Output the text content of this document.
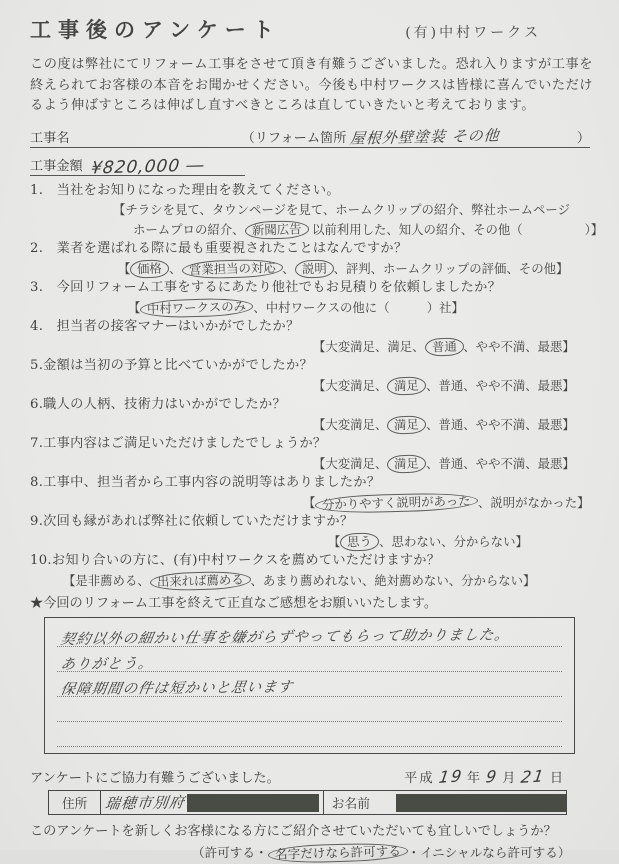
工事後のアンケート	(有)中村ワークス

この度は弊社にてリフォーム工事をさせて頂き有難うございました。恐れ入りますが工事を終えられてお客様の本音をお聞かせください。今後も中村ワークスは皆様に喜んでいただけるよう伸ばすところは伸ばし直すべきところは直していきたいと考えております。

工事名	（リフォーム箇所 屋根外壁塗装 その他	）
工事金額 ¥820,000 ―
1.　当社をお知りになった理由を教えてください。
【チラシを見て、タウンページを見て、ホームクリップの紹介、弊社ホームページ
ホームプロの紹介、 新聞広告 以前利用した、知人の紹介、その他（　　　　　）】
2.　業者を選ばれる際に最も重要視されたことはなんですか？
【 価格 、 営業担当の対応 、 説明 、評判、ホームクリップの評価、その他】
3.　今回リフォーム工事をするにあたり他社でもお見積りを依頼しましたか？
【 中村ワークスのみ 、中村ワークスの他に（　　　）社】
4.　担当者の接客マナーはいかがでしたか？
【大変満足、満足、 普通 、やや不満、最悪】
5.金額は当初の予算と比べていかがでしたか？
【大変満足、 満足 、普通、やや不満、最悪】
6.職人の人柄、技術力はいかがでしたか？
【大変満足、 満足 、普通、やや不満、最悪】
7.工事内容はご満足いただけましたでしょうか？
【大変満足、 満足 、普通、やや不満、最悪】
8.工事中、担当者から工事内容の説明等はありましたか？
【 分かりやすく説明があった 、説明がなかった】
9.次回も縁があれば弊社に依頼していただけますか？
【 思う 、思わない、分からない】
10.お知り合いの方に、(有)中村ワークスを薦めていただけますか？
【是非薦める、 出来れば薦める 、あまり薦めれない、絶対薦めない、分からない】
★今回のリフォーム工事を終えて正直なご感想をお願いいたします。
契約以外の細かい仕事を嫌がらずやってもらって助かりました。
ありがとう。
保障期間の件は短かいと思います
アンケートにご協力有難うございました。	平成 19 年 9 月 21 日
住所	瑞穂市別府	お名前
このアンケートを新しくお客様になる方にご紹介させていただいても宜しいでしょうか？
（許可する・ 名字だけなら許可する ・イニシャルなら許可する）
